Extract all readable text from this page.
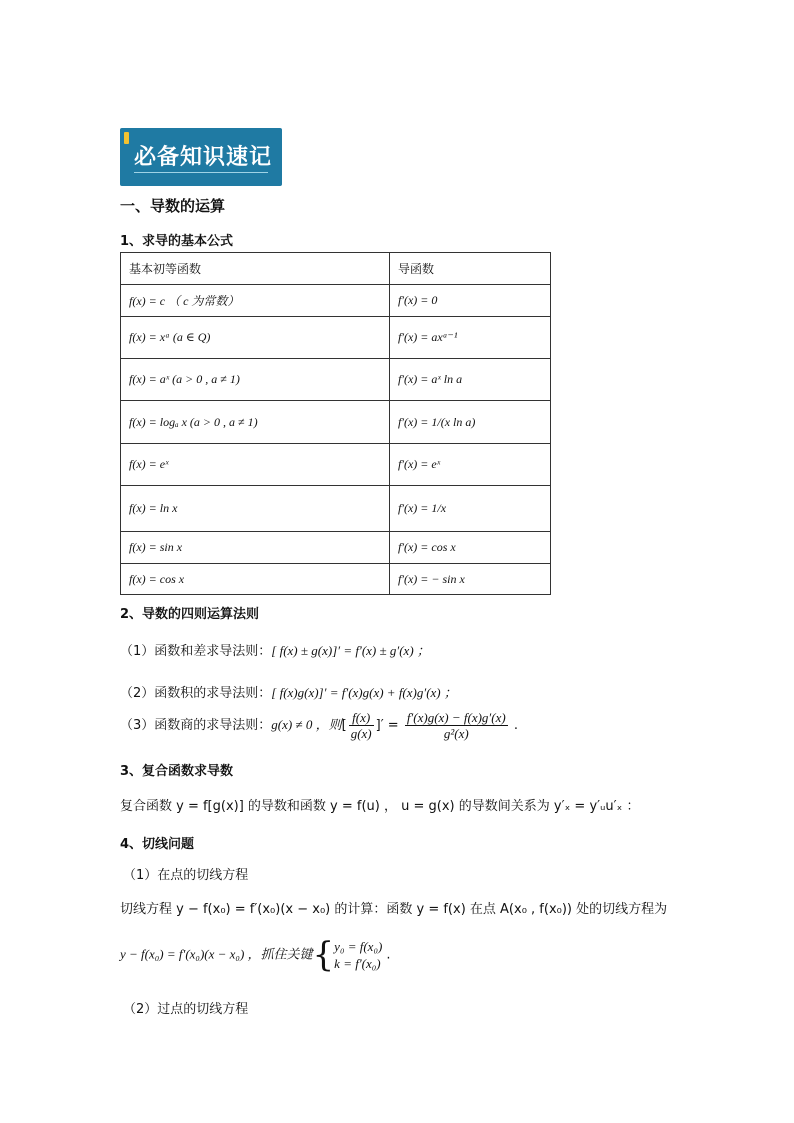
必备知识速记
一、导数的运算
1、求导的基本公式
基本初等函数	导函数
f(x) = c （ c 为常数）	f′(x) = 0
f(x) = xᵃ (a ∈ Q)	f′(x) = axᵃ⁻¹
f(x) = aˣ (a > 0 , a ≠ 1)	f′(x) = aˣ ln a
f(x) = logₐ x (a > 0 , a ≠ 1)	f′(x) = 1/(x ln a)
f(x) = eˣ	f′(x) = eˣ
f(x) = ln x	f′(x) = 1/x
f(x) = sin x	f′(x) = cos x
f(x) = cos x	f′(x) = − sin x
2、导数的四则运算法则
（1）函数和差求导法则：[ f(x) ± g(x)]′ = f′(x) ± g′(x) ；
（2）函数积的求导法则：[ f(x)g(x)]′ = f′(x)g(x) + f(x)g′(x) ；
（3）函数商的求导法则：g(x) ≠ 0 ，则[ $\frac{f(x)}{g(x)}$ ]′ = $\frac{f'(x)g(x) - f(x)g'(x)}{\text{g²(x)}}$ .
3、复合函数求导数
复合函数 y = f[g(x)] 的导数和函数 y = f(u) ， u = g(x) 的导数间关系为 y′ₓ = y′ᵤu′ₓ ：
4、切线问题
（1）在点的切线方程
切线方程 y − f(x₀) = f′(x₀)(x − x₀) 的计算：函数 y = f(x) 在点 A(x₀ , f(x₀)) 处的切线方程为
y − f(x₀) = f′(x₀)(x − x₀) ，抓住关键{ y₀ = f(x₀)
k = f′(x₀)
.
（2）过点的切线方程
